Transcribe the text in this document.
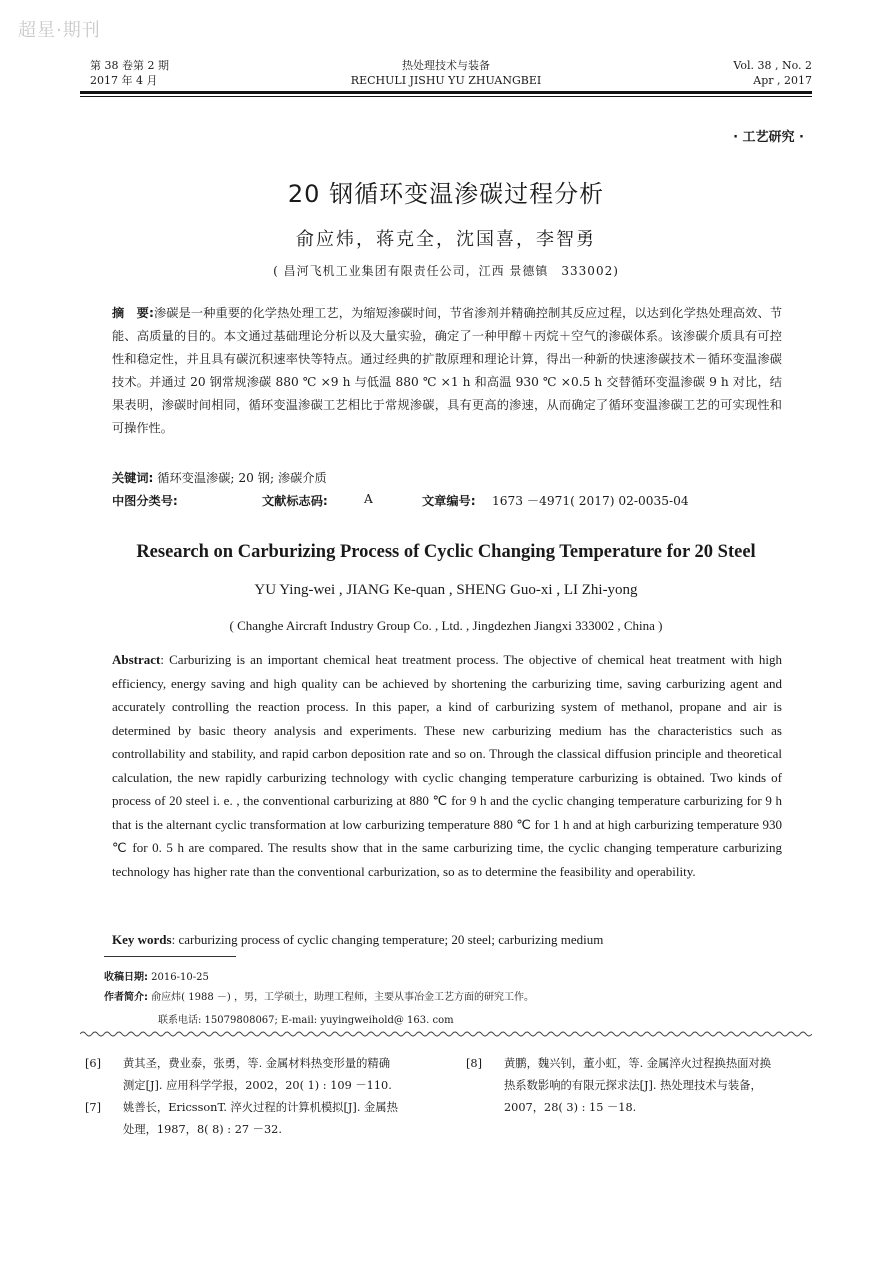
超星·期刊
第 38 卷第 2 期
2017 年 4 月
热处理技术与装备
RECHULI JISHU YU ZHUANGBEI
Vol. 38 , No. 2
Apr , 2017
· 工艺研究 ·
20 钢循环变温渗碳过程分析
俞应炜，蒋克全，沈国喜，李智勇
( 昌河飞机工业集团有限责任公司，江西 景德镇　333002)
摘　要:渗碳是一种重要的化学热处理工艺，为缩短渗碳时间，节省渗剂并精确控制其反应过程，以达到化学热处理高效、节能、高质量的目的。本文通过基础理论分析以及大量实验，确定了一种甲醇＋丙烷＋空气的渗碳体系。该渗碳介质具有可控性和稳定性，并且具有碳沉积速率快等特点。通过经典的扩散原理和理论计算，得出一种新的快速渗碳技术－循环变温渗碳技术。并通过 20 钢常规渗碳 880 ℃ ×9 h 与低温 880 ℃ ×1 h 和高温 930 ℃ ×0.5 h 交替循环变温渗碳 9 h 对比，结果表明，渗碳时间相同，循环变温渗碳工艺相比于常规渗碳，具有更高的渗速，从而确定了循环变温渗碳工艺的可实现性和可操作性。
关键词: 循环变温渗碳; 20 钢; 渗碳介质
中图分类号:	文献标志码:	A	文章编号: 1673 －4971( 2017) 02-0035-04
Research on Carburizing Process of Cyclic Changing Temperature for 20 Steel
YU Ying-wei , JIANG Ke-quan , SHENG Guo-xi , LI Zhi-yong
( Changhe Aircraft Industry Group Co. , Ltd. , Jingdezhen Jiangxi 333002 , China )
Abstract: Carburizing is an important chemical heat treatment process. The objective of chemical heat treatment with high efficiency, energy saving and high quality can be achieved by shortening the carburizing time, saving carburizing agent and accurately controlling the reaction process. In this paper, a kind of carburizing system of methanol, propane and air is determined by basic theory analysis and experiments. These new carburizing medium has the characteristics such as controllability and stability, and rapid carbon deposition rate and so on. Through the classical diffusion principle and theoretical calculation, the new rapidly carburizing technology with cyclic changing temperature carburizing is obtained. Two kinds of process of 20 steel i. e. , the conventional carburizing at 880 ℃ for 9 h and the cyclic changing temperature carburizing for 9 h that is the alternant cyclic transformation at low carburizing temperature 880 ℃ for 1 h and at high carburizing temperature 930 ℃ for 0. 5 h are compared. The results show that in the same carburizing time, the cyclic changing temperature carburizing technology has higher rate than the conventional carburization, so as to determine the feasibility and operability.
Key words: carburizing process of cyclic changing temperature; 20 steel; carburizing medium
收稿日期: 2016-10-25
作者简介: 俞应炜( 1988 －) ，男，工学硕士，助理工程师，主要从事冶金工艺方面的研究工作。
联系电话: 15079808067; E-mail: yuyingweihold@ 163. com
[6] 黄其圣，费业泰，张勇，等. 金属材料热变形量的精确
测定[J]. 应用科学学报，2002，20( 1) : 109 －110.
[7] 姚善长，EricssonT. 淬火过程的计算机模拟[J]. 金属热
处理，1987，8( 8) : 27 －32.
[8] 黄鹏，魏兴钊，董小虹，等. 金属淬火过程换热面对换
热系数影响的有限元探求法[J]. 热处理技术与装备，
2007，28( 3) : 15 －18.
